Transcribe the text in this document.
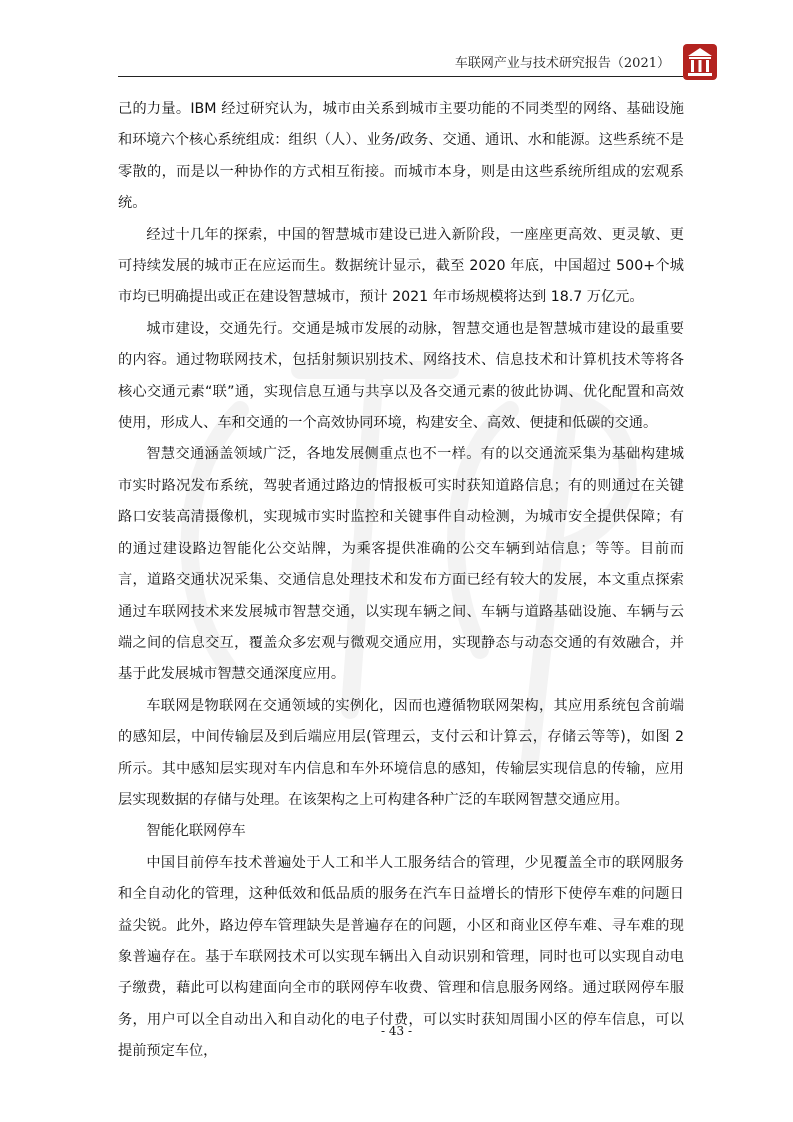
车联网产业与技术研究报告（2021）

己的力量。IBM 经过研究认为，城市由关系到城市主要功能的不同类型的网络、基础设施和环境六个核心系统组成：组织（人）、业务/政务、交通、通讯、水和能源。这些系统不是零散的，而是以一种协作的方式相互衔接。而城市本身，则是由这些系统所组成的宏观系统。

经过十几年的探索，中国的智慧城市建设已进入新阶段，一座座更高效、更灵敏、更可持续发展的城市正在应运而生。数据统计显示，截至 2020 年底，中国超过 500+个城市均已明确提出或正在建设智慧城市，预计 2021 年市场规模将达到 18.7 万亿元。

城市建设，交通先行。交通是城市发展的动脉，智慧交通也是智慧城市建设的最重要的内容。通过物联网技术，包括射频识别技术、网络技术、信息技术和计算机技术等将各核心交通元素“联”通，实现信息互通与共享以及各交通元素的彼此协调、优化配置和高效使用，形成人、车和交通的一个高效协同环境，构建安全、高效、便捷和低碳的交通。

智慧交通涵盖领域广泛，各地发展侧重点也不一样。有的以交通流采集为基础构建城市实时路况发布系统，驾驶者通过路边的情报板可实时获知道路信息；有的则通过在关键路口安装高清摄像机，实现城市实时监控和关键事件自动检测，为城市安全提供保障；有的通过建设路边智能化公交站牌，为乘客提供准确的公交车辆到站信息；等等。目前而言，道路交通状况采集、交通信息处理技术和发布方面已经有较大的发展，本文重点探索通过车联网技术来发展城市智慧交通，以实现车辆之间、车辆与道路基础设施、车辆与云端之间的信息交互，覆盖众多宏观与微观交通应用，实现静态与动态交通的有效融合，并基于此发展城市智慧交通深度应用。

车联网是物联网在交通领域的实例化，因而也遵循物联网架构，其应用系统包含前端的感知层，中间传输层及到后端应用层(管理云，支付云和计算云，存储云等等)，如图 2 所示。其中感知层实现对车内信息和车外环境信息的感知，传输层实现信息的传输，应用层实现数据的存储与处理。在该架构之上可构建各种广泛的车联网智慧交通应用。

智能化联网停车

中国目前停车技术普遍处于人工和半人工服务结合的管理，少见覆盖全市的联网服务和全自动化的管理，这种低效和低品质的服务在汽车日益增长的情形下使停车难的问题日益尖锐。此外，路边停车管理缺失是普遍存在的问题，小区和商业区停车难、寻车难的现象普遍存在。基于车联网技术可以实现车辆出入自动识别和管理，同时也可以实现自动电子缴费，藉此可以构建面向全市的联网停车收费、管理和信息服务网络。通过联网停车服务，用户可以全自动出入和自动化的电子付费，可以实时获知周围小区的停车信息，可以提前预定车位，

- 43 -
